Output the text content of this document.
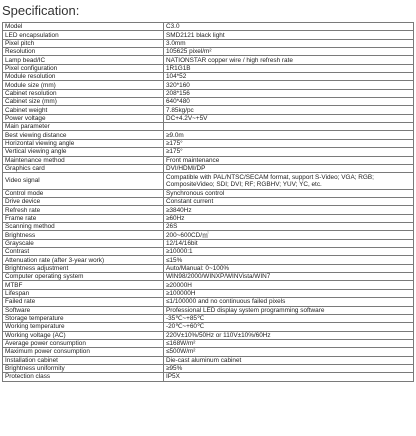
Specification:
Model	C3.0
LED encapsulation	SMD2121 black light
Pixel pitch	3.0mm
Resolution	105625 pixel/m²
Lamp bead/IC	NATIONSTAR copper wire / high refresh rate
Pixel configuration	1R1G1B
Module resolution	104*52
Module size (mm)	320*160
Cabinet resolution	208*156
Cabinet size (mm)	640*480
Cabinet weight	7.85kg/pc
Power voltage	DC+4.2V~+5V
Main parameter	
Best viewing distance	≥9.0m
Horizontal viewing angle	≥175°
Vertical viewing angle	≥175°
Maintenance method	Front maintenance
Graphics card	DVI/HDMI/DP
Video signal	Compatible with PAL/NTSC/SECAM format, support S-Video; VGA; RGB; CompositeVideo; SDI; DVI; RF; RGBHV; YUV; YC, etc.
Control mode	Synchronous control
Drive device	Constant current
Refresh rate	≥3840Hz
Frame rate	≥60Hz
Scanning method	26S
Brightness	200~600CD/㎡
Grayscale	12/14/16bit
Contrast	≥10000:1
Attenuation rate (after 3-year work)	≤15%
Brightness adjustment	Auto/Manual: 0~100%
Computer operating system	WIN98/2000/WINXP/WINVista/WIN7
MTBF	≥20000H
Lifespan	≥100000H
Failed rate	≤1/100000 and no continuous failed pixels
Software	Professional LED display system programming software
Storage temperature	-35℃~+85℃
Working temperature	-20℃~+60℃
Working voltage (AC)	220V±10%/50Hz or 110V±10%/60Hz
Average power consumption	≤168W/m²
Maximum power consumption	≤500W/m²
Installation cabinet	Die-cast aluminum cabinet
Brightness uniformity	≥95%
Protection class	IP5X
